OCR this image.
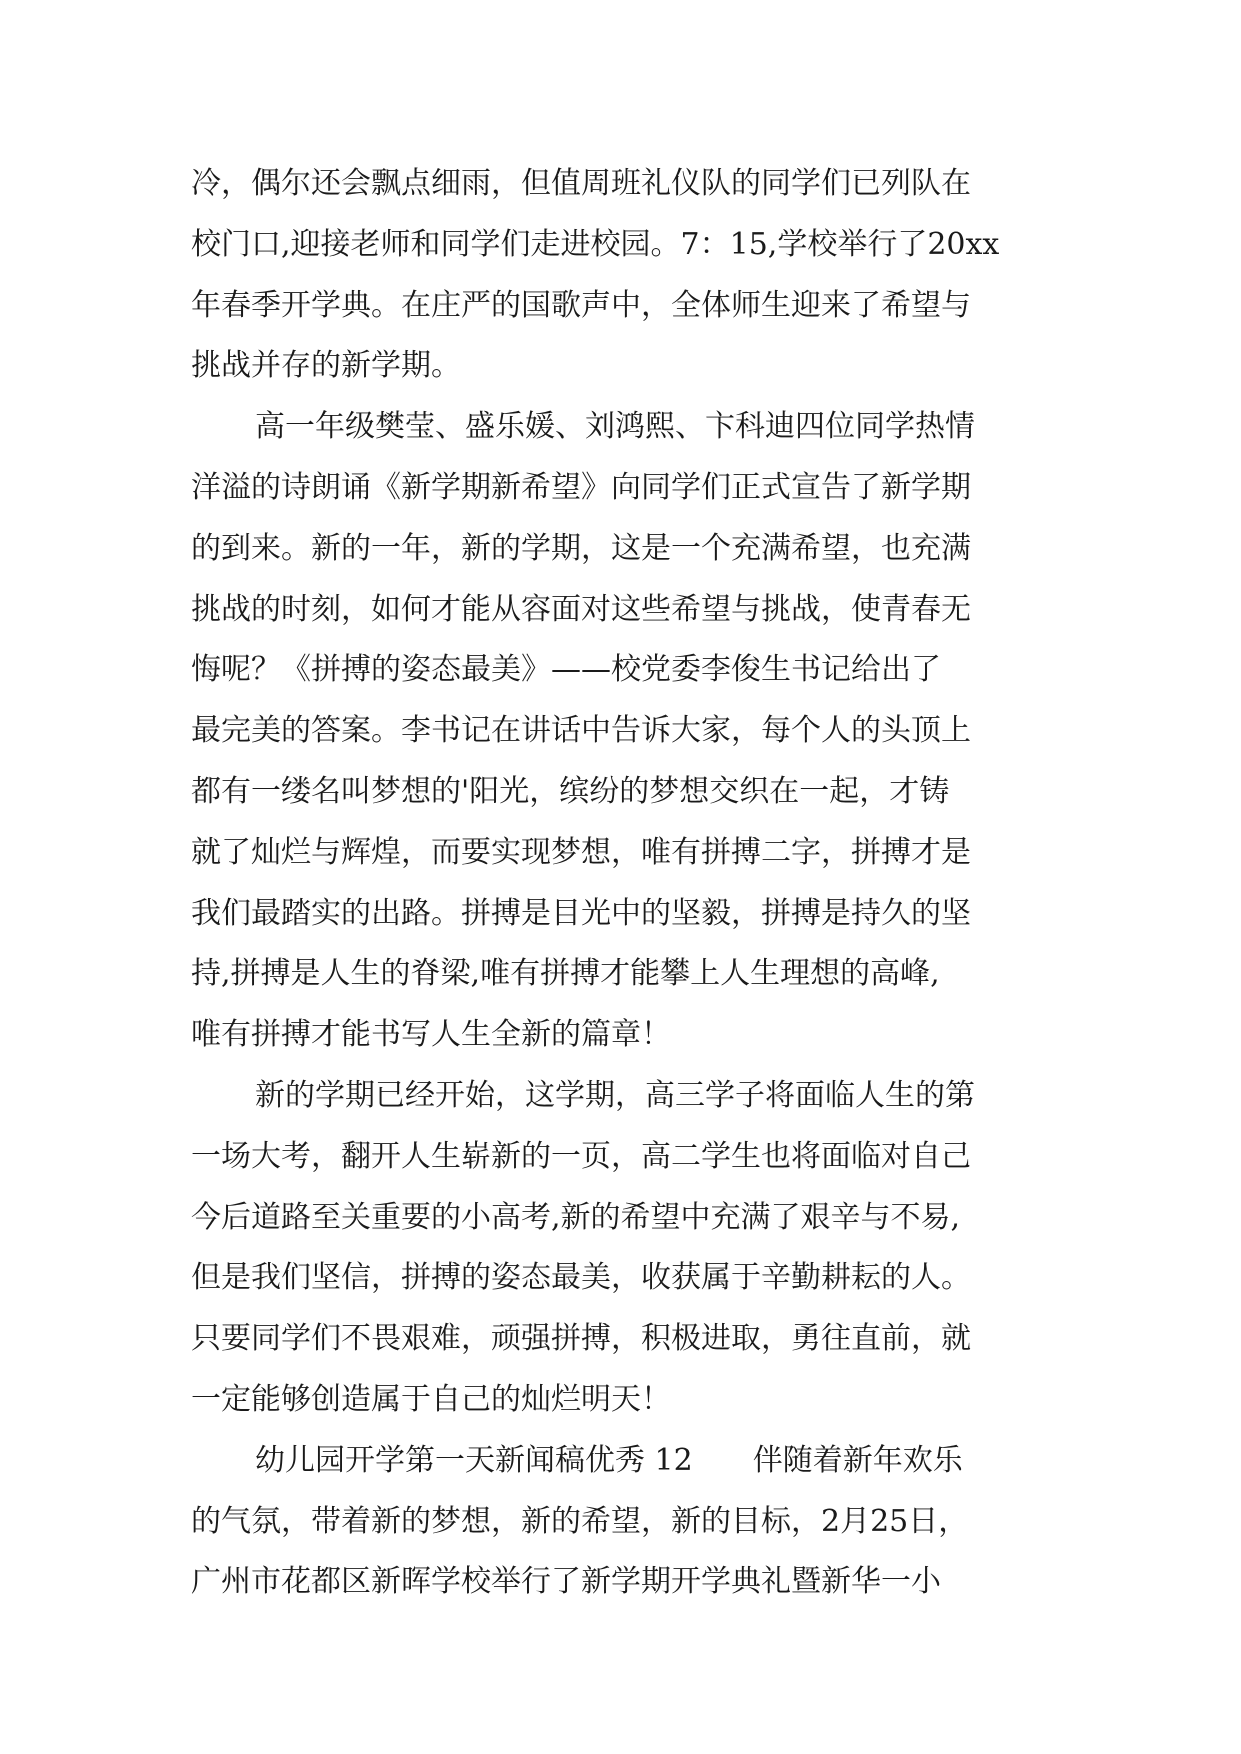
冷，偶尔还会飘点细雨，但值周班礼仪队的同学们已列队在
校门口,迎接老师和同学们走进校园。7：15,学校举行了20xx
年春季开学典。在庄严的国歌声中，全体师生迎来了希望与
挑战并存的新学期。
高一年级樊莹、盛乐媛、刘鸿熙、卞科迪四位同学热情
洋溢的诗朗诵《新学期新希望》向同学们正式宣告了新学期
的到来。新的一年，新的学期，这是一个充满希望，也充满
挑战的时刻，如何才能从容面对这些希望与挑战，使青春无
悔呢？《拼搏的姿态最美》——校党委李俊生书记给出了
最完美的答案。李书记在讲话中告诉大家，每个人的头顶上
都有一缕名叫梦想的'阳光，缤纷的梦想交织在一起，才铸
就了灿烂与辉煌，而要实现梦想，唯有拼搏二字，拼搏才是
我们最踏实的出路。拼搏是目光中的坚毅，拼搏是持久的坚
持,拼搏是人生的脊梁,唯有拼搏才能攀上人生理想的高峰,
唯有拼搏才能书写人生全新的篇章！
新的学期已经开始，这学期，高三学子将面临人生的第
一场大考，翻开人生崭新的一页，高二学生也将面临对自己
今后道路至关重要的小高考,新的希望中充满了艰辛与不易,
但是我们坚信，拼搏的姿态最美，收获属于辛勤耕耘的人。
只要同学们不畏艰难，顽强拼搏，积极进取，勇往直前，就
一定能够创造属于自己的灿烂明天！
幼儿园开学第一天新闻稿优秀 12　　伴随着新年欢乐
的气氛，带着新的梦想，新的希望，新的目标，2月25日，
广州市花都区新晖学校举行了新学期开学典礼暨新华一小
